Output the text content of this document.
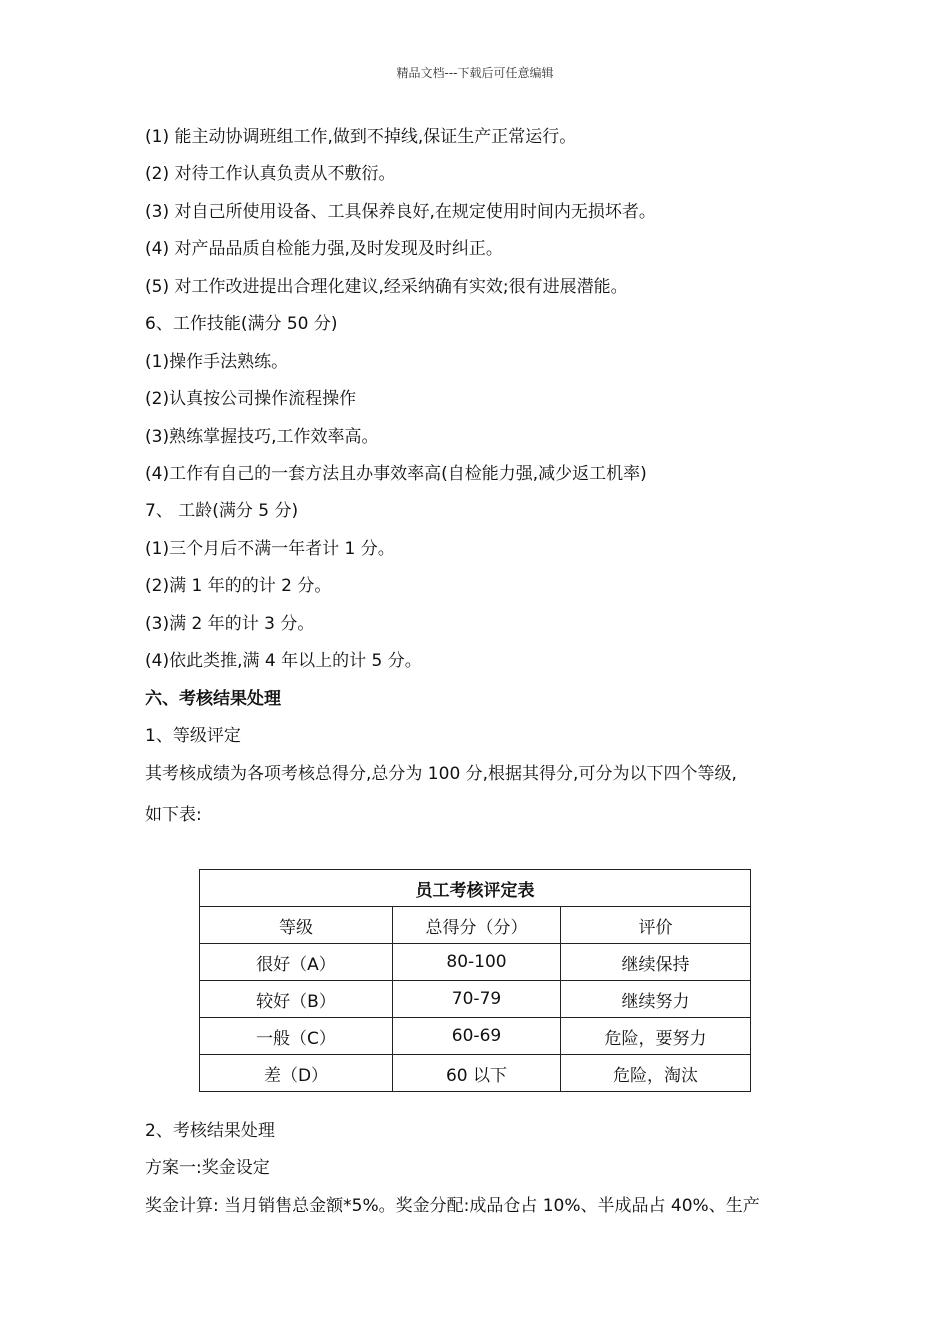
精品文档---下载后可任意编辑
(1) 能主动协调班组工作,做到不掉线,保证生产正常运行。
(2) 对待工作认真负责从不敷衍。
(3) 对自己所使用设备、工具保养良好,在规定使用时间内无损坏者。
(4) 对产品品质自检能力强,及时发现及时纠正。
(5) 对工作改进提出合理化建议,经采纳确有实效;很有进展潜能。
6、工作技能(满分 50 分)
(1)操作手法熟练。
(2)认真按公司操作流程操作
(3)熟练掌握技巧,工作效率高。
(4)工作有自己的一套方法且办事效率高(自检能力强,减少返工机率)
7、 工龄(满分 5 分)
(1)三个月后不满一年者计 1 分。
(2)满 1 年的的计 2 分。
(3)满 2 年的计 3 分。
(4)依此类推,满 4 年以上的计 5 分。
六、考核结果处理
1、等级评定
其考核成绩为各项考核总得分,总分为 100 分,根据其得分,可分为以下四个等级,
如下表:
员工考核评定表		
等级	总得分（分）	评价
很好（A）	80-100	继续保持
较好（B）	70-79	继续努力
一般（C）	60-69	危险，要努力
差（D）	60 以下	危险，淘汰
2、考核结果处理
方案一:奖金设定
奖金计算: 当月销售总金额*5%。奖金分配:成品仓占 10%、半成品占 40%、生产
